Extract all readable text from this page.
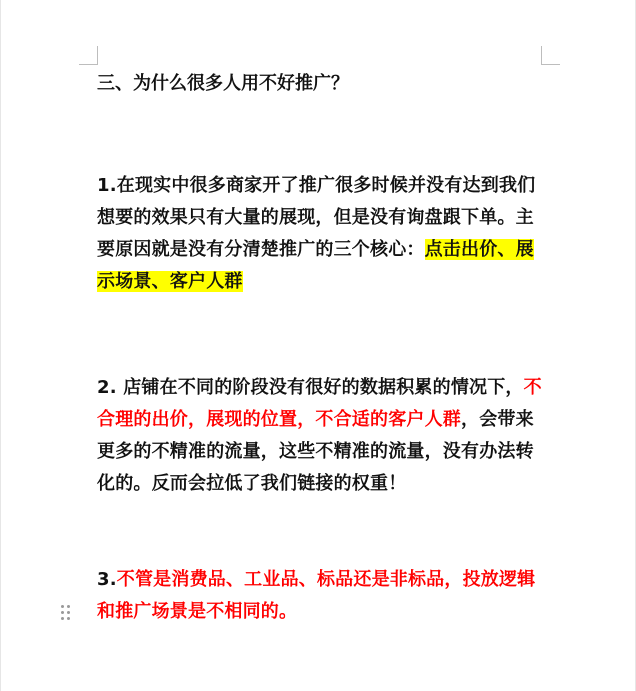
三、为什么很多人用不好推广？

1.在现实中很多商家开了推广很多时候并没有达到我们想要的效果只有大量的展现，但是没有询盘跟下单。主要原因就是没有分清楚推广的三个核心：点击出价、展示场景、客户人群

2. 店铺在不同的阶段没有很好的数据积累的情况下，不合理的出价，展现的位置，不合适的客户人群，会带来更多的不精准的流量，这些不精准的流量，没有办法转化的。反而会拉低了我们链接的权重！

3.不管是消费品、工业品、标品还是非标品，投放逻辑和推广场景是不相同的。
